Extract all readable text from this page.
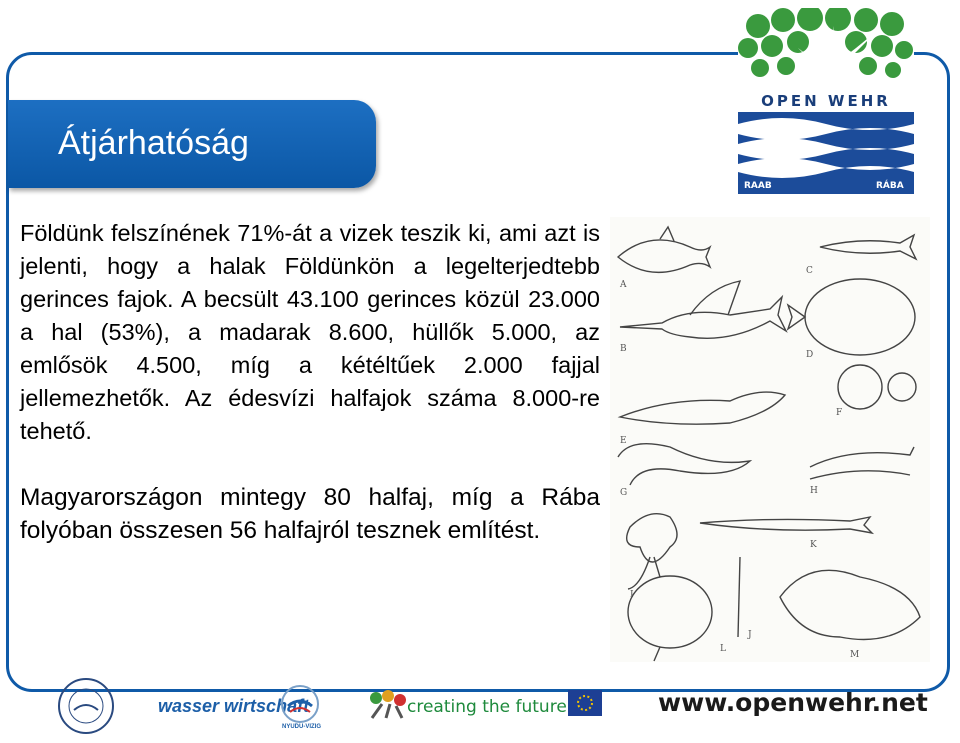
Átjárhatóság

Földünk felszínének 71%-át a vizek teszik ki, ami azt is jelenti, hogy a halak Földünkön a legelterjedtebb gerinces fajok. A becsült 43.100 gerinces közül 23.000 a hal (53%), a madarak 8.600, hüllők 5.000, az emlősök 4.500, míg a kétéltűek 2.000 fajjal jellemezhetők. Az édesvízi halfajok száma 8.000-re tehető.

Magyarországon mintegy 80 halfaj, míg a Rába folyóban összesen 56 halfajról tesznek említést.

OPEN WEHR
RAAB	RÁBA
A
B
C
D
E
F
G	H
I
J
K
L
M
wasser wirtschaft
NYUDU-VIZIG
creating the future	www.openwehr.net
